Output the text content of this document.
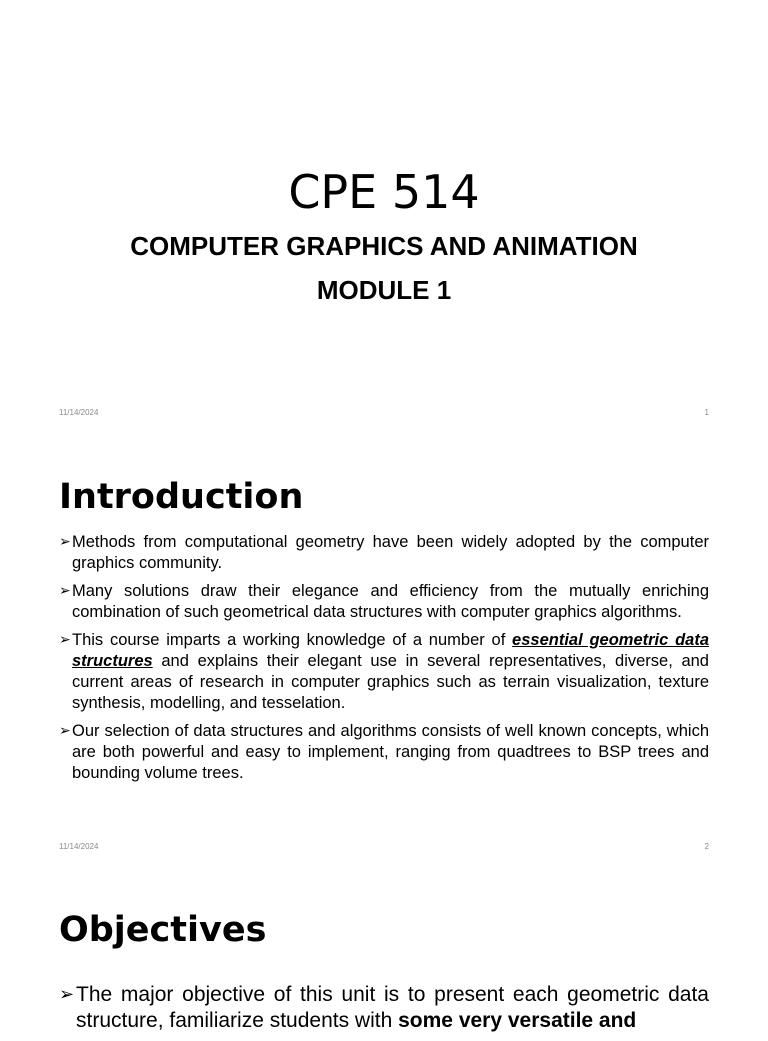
CPE 514
COMPUTER GRAPHICS AND ANIMATION
MODULE 1
11/14/2024	1
Introduction
➢ Methods from computational geometry have been widely adopted by the computer graphics community.
➢ Many solutions draw their elegance and efficiency from the mutually enriching combination of such geometrical data structures with computer graphics algorithms.
➢ This course imparts a working knowledge of a number of essential geometric data structures and explains their elegant use in several representatives, diverse, and current areas of research in computer graphics such as terrain visualization, texture synthesis, modelling, and tesselation.
➢ Our selection of data structures and algorithms consists of well known concepts, which are both powerful and easy to implement, ranging from quadtrees to BSP trees and bounding volume trees.
11/14/2024	2
Objectives
➢ The major objective of this unit is to present each geometric data structure, familiarize students with some very versatile and
